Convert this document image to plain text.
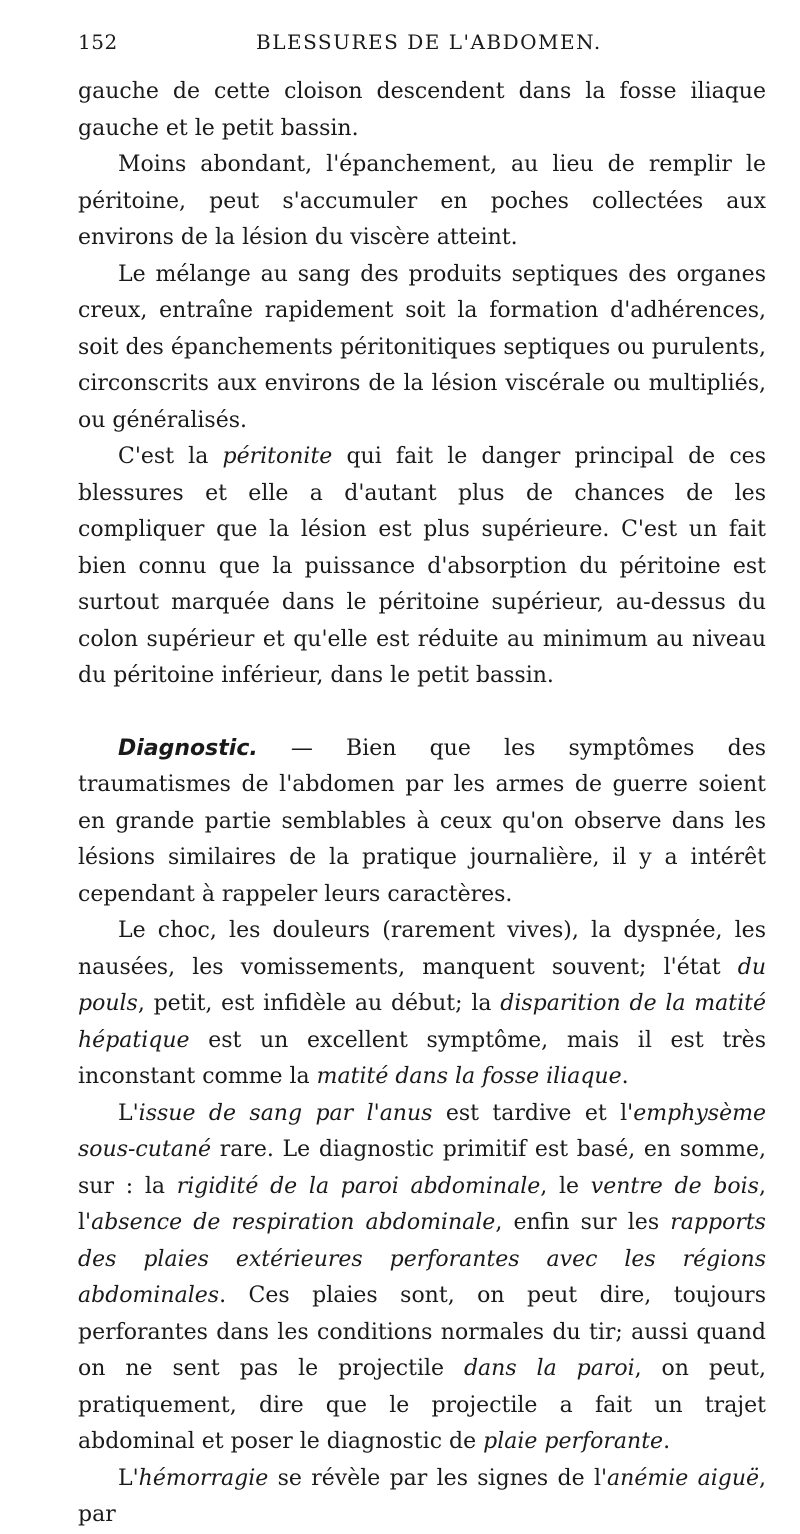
152	BLESSURES DE L'ABDOMEN.

gauche de cette cloison descendent dans la fosse iliaque gauche et le petit bassin.

Moins abondant, l'épanchement, au lieu de remplir le péritoine, peut s'accumuler en poches collectées aux environs de la lésion du viscère atteint.

Le mélange au sang des produits septiques des organes creux, entraîne rapidement soit la formation d'adhérences, soit des épanchements péritonitiques septiques ou purulents, circonscrits aux environs de la lésion viscérale ou multipliés, ou généralisés.

C'est la péritonite qui fait le danger principal de ces blessures et elle a d'autant plus de chances de les compliquer que la lésion est plus supérieure. C'est un fait bien connu que la puissance d'absorption du péritoine est surtout marquée dans le péritoine supérieur, au-dessus du colon supérieur et qu'elle est réduite au minimum au niveau du péritoine inférieur, dans le petit bassin.

Diagnostic. — Bien que les symptômes des traumatismes de l'abdomen par les armes de guerre soient en grande partie semblables à ceux qu'on observe dans les lésions similaires de la pratique journalière, il y a intérêt cependant à rappeler leurs caractères.

Le choc, les douleurs (rarement vives), la dyspnée, les nausées, les vomissements, manquent souvent; l'état du pouls, petit, est infidèle au début; la disparition de la matité hépatique est un excellent symptôme, mais il est très inconstant comme la matité dans la fosse iliaque.

L'issue de sang par l'anus est tardive et l'emphysème sous-cutané rare. Le diagnostic primitif est basé, en somme, sur : la rigidité de la paroi abdominale, le ventre de bois, l'absence de respiration abdominale, enfin sur les rapports des plaies extérieures perforantes avec les régions abdominales. Ces plaies sont, on peut dire, toujours perforantes dans les conditions normales du tir; aussi quand on ne sent pas le projectile dans la paroi, on peut, pratiquement, dire que le projectile a fait un trajet abdominal et poser le diagnostic de plaie perforante.

L'hémorragie se révèle par les signes de l'anémie aiguë, par
